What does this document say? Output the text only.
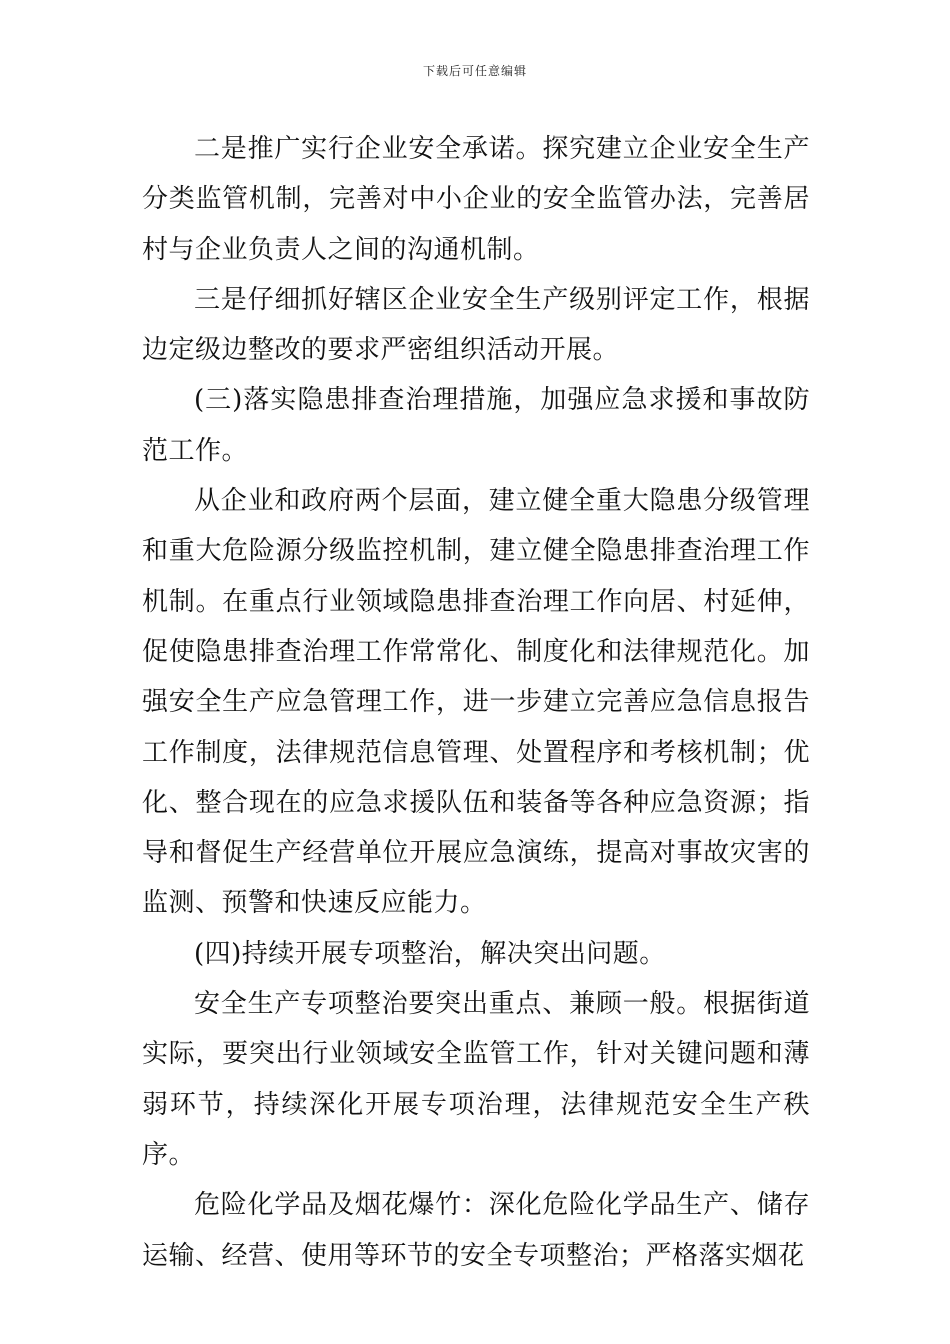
下载后可任意编辑

二是推广实行企业安全承诺。探究建立企业安全生产分类监管机制，完善对中小企业的安全监管办法，完善居村与企业负责人之间的沟通机制。

三是仔细抓好辖区企业安全生产级别评定工作，根据边定级边整改的要求严密组织活动开展。

(三)落实隐患排查治理措施，加强应急求援和事故防范工作。

从企业和政府两个层面，建立健全重大隐患分级管理和重大危险源分级监控机制，建立健全隐患排查治理工作机制。在重点行业领域隐患排查治理工作向居、村延伸，促使隐患排查治理工作常常化、制度化和法律规范化。加强安全生产应急管理工作，进一步建立完善应急信息报告工作制度，法律规范信息管理、处置程序和考核机制；优化、整合现在的应急求援队伍和装备等各种应急资源；指导和督促生产经营单位开展应急演练，提高对事故灾害的监测、预警和快速反应能力。

(四)持续开展专项整治，解决突出问题。

安全生产专项整治要突出重点、兼顾一般。根据街道实际，要突出行业领域安全监管工作，针对关键问题和薄弱环节，持续深化开展专项治理，法律规范安全生产秩序。

危险化学品及烟花爆竹：深化危险化学品生产、储存运输、经营、使用等环节的安全专项整治；严格落实烟花
